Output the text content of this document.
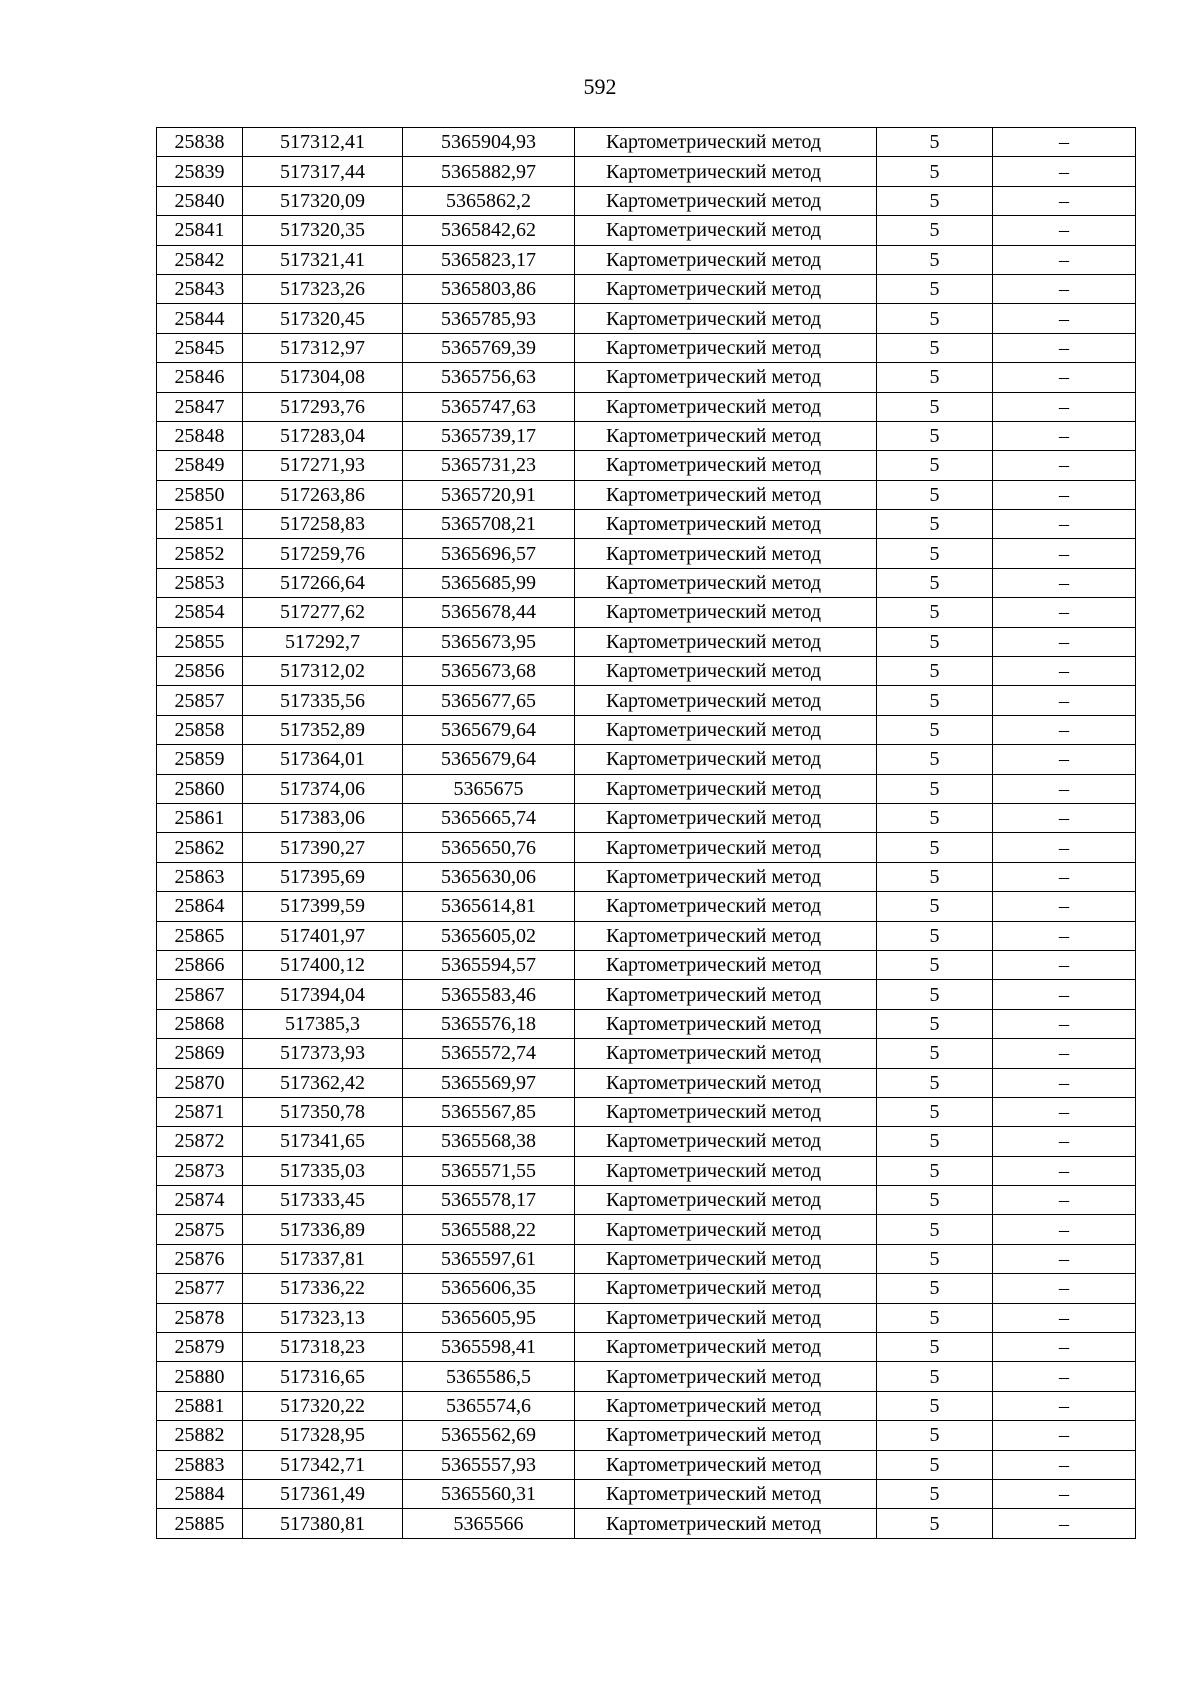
592
25838	517312,41	5365904,93	Картометрический метод	5	–
25839	517317,44	5365882,97	Картометрический метод	5	–
25840	517320,09	5365862,2	Картометрический метод	5	–
25841	517320,35	5365842,62	Картометрический метод	5	–
25842	517321,41	5365823,17	Картометрический метод	5	–
25843	517323,26	5365803,86	Картометрический метод	5	–
25844	517320,45	5365785,93	Картометрический метод	5	–
25845	517312,97	5365769,39	Картометрический метод	5	–
25846	517304,08	5365756,63	Картометрический метод	5	–
25847	517293,76	5365747,63	Картометрический метод	5	–
25848	517283,04	5365739,17	Картометрический метод	5	–
25849	517271,93	5365731,23	Картометрический метод	5	–
25850	517263,86	5365720,91	Картометрический метод	5	–
25851	517258,83	5365708,21	Картометрический метод	5	–
25852	517259,76	5365696,57	Картометрический метод	5	–
25853	517266,64	5365685,99	Картометрический метод	5	–
25854	517277,62	5365678,44	Картометрический метод	5	–
25855	517292,7	5365673,95	Картометрический метод	5	–
25856	517312,02	5365673,68	Картометрический метод	5	–
25857	517335,56	5365677,65	Картометрический метод	5	–
25858	517352,89	5365679,64	Картометрический метод	5	–
25859	517364,01	5365679,64	Картометрический метод	5	–
25860	517374,06	5365675	Картометрический метод	5	–
25861	517383,06	5365665,74	Картометрический метод	5	–
25862	517390,27	5365650,76	Картометрический метод	5	–
25863	517395,69	5365630,06	Картометрический метод	5	–
25864	517399,59	5365614,81	Картометрический метод	5	–
25865	517401,97	5365605,02	Картометрический метод	5	–
25866	517400,12	5365594,57	Картометрический метод	5	–
25867	517394,04	5365583,46	Картометрический метод	5	–
25868	517385,3	5365576,18	Картометрический метод	5	–
25869	517373,93	5365572,74	Картометрический метод	5	–
25870	517362,42	5365569,97	Картометрический метод	5	–
25871	517350,78	5365567,85	Картометрический метод	5	–
25872	517341,65	5365568,38	Картометрический метод	5	–
25873	517335,03	5365571,55	Картометрический метод	5	–
25874	517333,45	5365578,17	Картометрический метод	5	–
25875	517336,89	5365588,22	Картометрический метод	5	–
25876	517337,81	5365597,61	Картометрический метод	5	–
25877	517336,22	5365606,35	Картометрический метод	5	–
25878	517323,13	5365605,95	Картометрический метод	5	–
25879	517318,23	5365598,41	Картометрический метод	5	–
25880	517316,65	5365586,5	Картометрический метод	5	–
25881	517320,22	5365574,6	Картометрический метод	5	–
25882	517328,95	5365562,69	Картометрический метод	5	–
25883	517342,71	5365557,93	Картометрический метод	5	–
25884	517361,49	5365560,31	Картометрический метод	5	–
25885	517380,81	5365566	Картометрический метод	5	–
